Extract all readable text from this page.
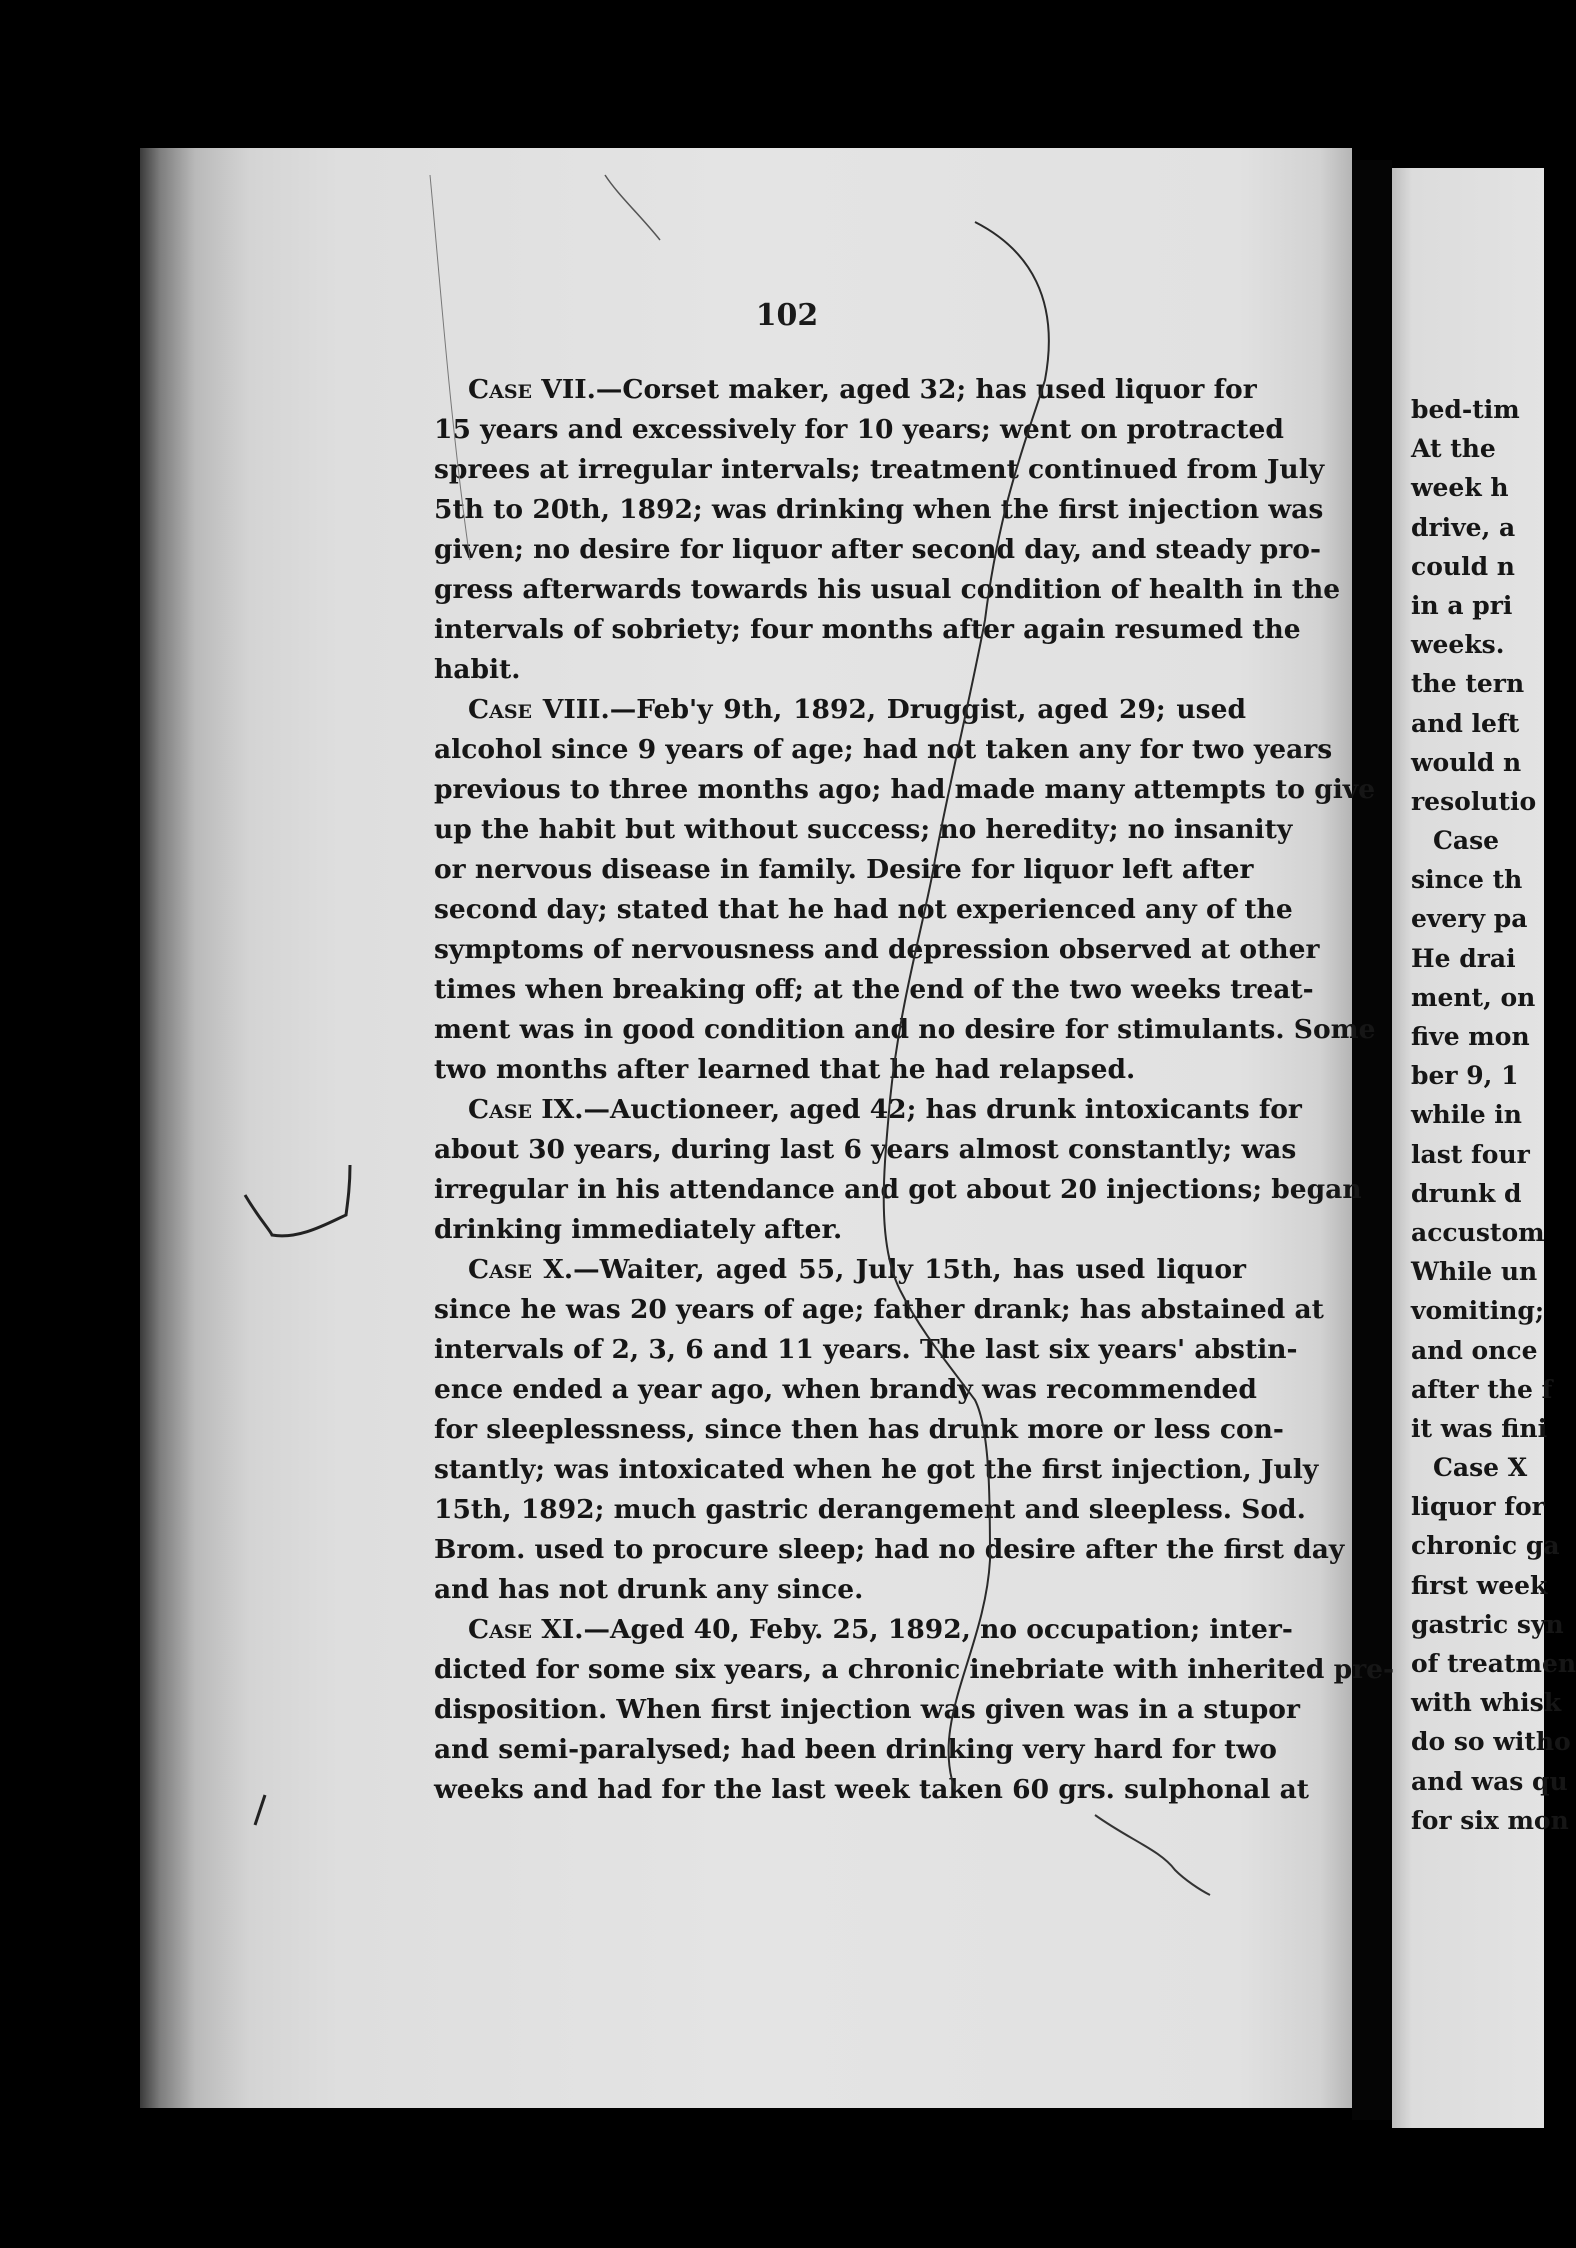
102
Case VII.—Corset maker, aged 32; has used liquor for
15 years and excessively for 10 years; went on protracted
sprees at irregular intervals; treatment continued from July
5th to 20th, 1892; was drinking when the first injection was
given; no desire for liquor after second day, and steady pro-
gress afterwards towards his usual condition of health in the
intervals of sobriety; four months after again resumed the
habit.
Case VIII.—Feb'y 9th, 1892, Druggist, aged 29; used
alcohol since 9 years of age; had not taken any for two years
previous to three months ago; had made many attempts to give
up the habit but without success; no heredity; no insanity
or nervous disease in family. Desire for liquor left after
second day; stated that he had not experienced any of the
symptoms of nervousness and depression observed at other
times when breaking off; at the end of the two weeks treat-
ment was in good condition and no desire for stimulants. Some
two months after learned that he had relapsed.
Case IX.—Auctioneer, aged 42; has drunk intoxicants for
about 30 years, during last 6 years almost constantly; was
irregular in his attendance and got about 20 injections; began
drinking immediately after.
Case X.—Waiter, aged 55, July 15th, has used liquor
since he was 20 years of age; father drank; has abstained at
intervals of 2, 3, 6 and 11 years. The last six years' abstin-
ence ended a year ago, when brandy was recommended
for sleeplessness, since then has drunk more or less con-
stantly; was intoxicated when he got the first injection, July
15th, 1892; much gastric derangement and sleepless. Sod.
Brom. used to procure sleep; had no desire after the first day
and has not drunk any since.
Case XI.—Aged 40, Feby. 25, 1892, no occupation; inter-
dicted for some six years, a chronic inebriate with inherited pre-
disposition. When first injection was given was in a stupor
and semi-paralysed; had been drinking very hard for two
weeks and had for the last week taken 60 grs. sulphonal at
bed-tim
At the
week h
drive, a
could n
in a pri
weeks.
the tern
and left
would n
resolutio
Case
since th
every pa
He drai
ment, on
five mon
ber 9, 1
while in
last four
drunk d
accustom
While un
vomiting;
and once
after the f
it was fini
Case X
liquor for
chronic ga
first week
gastric syn
of treatmen
with whisk
do so witho
and was qu
for six mon
